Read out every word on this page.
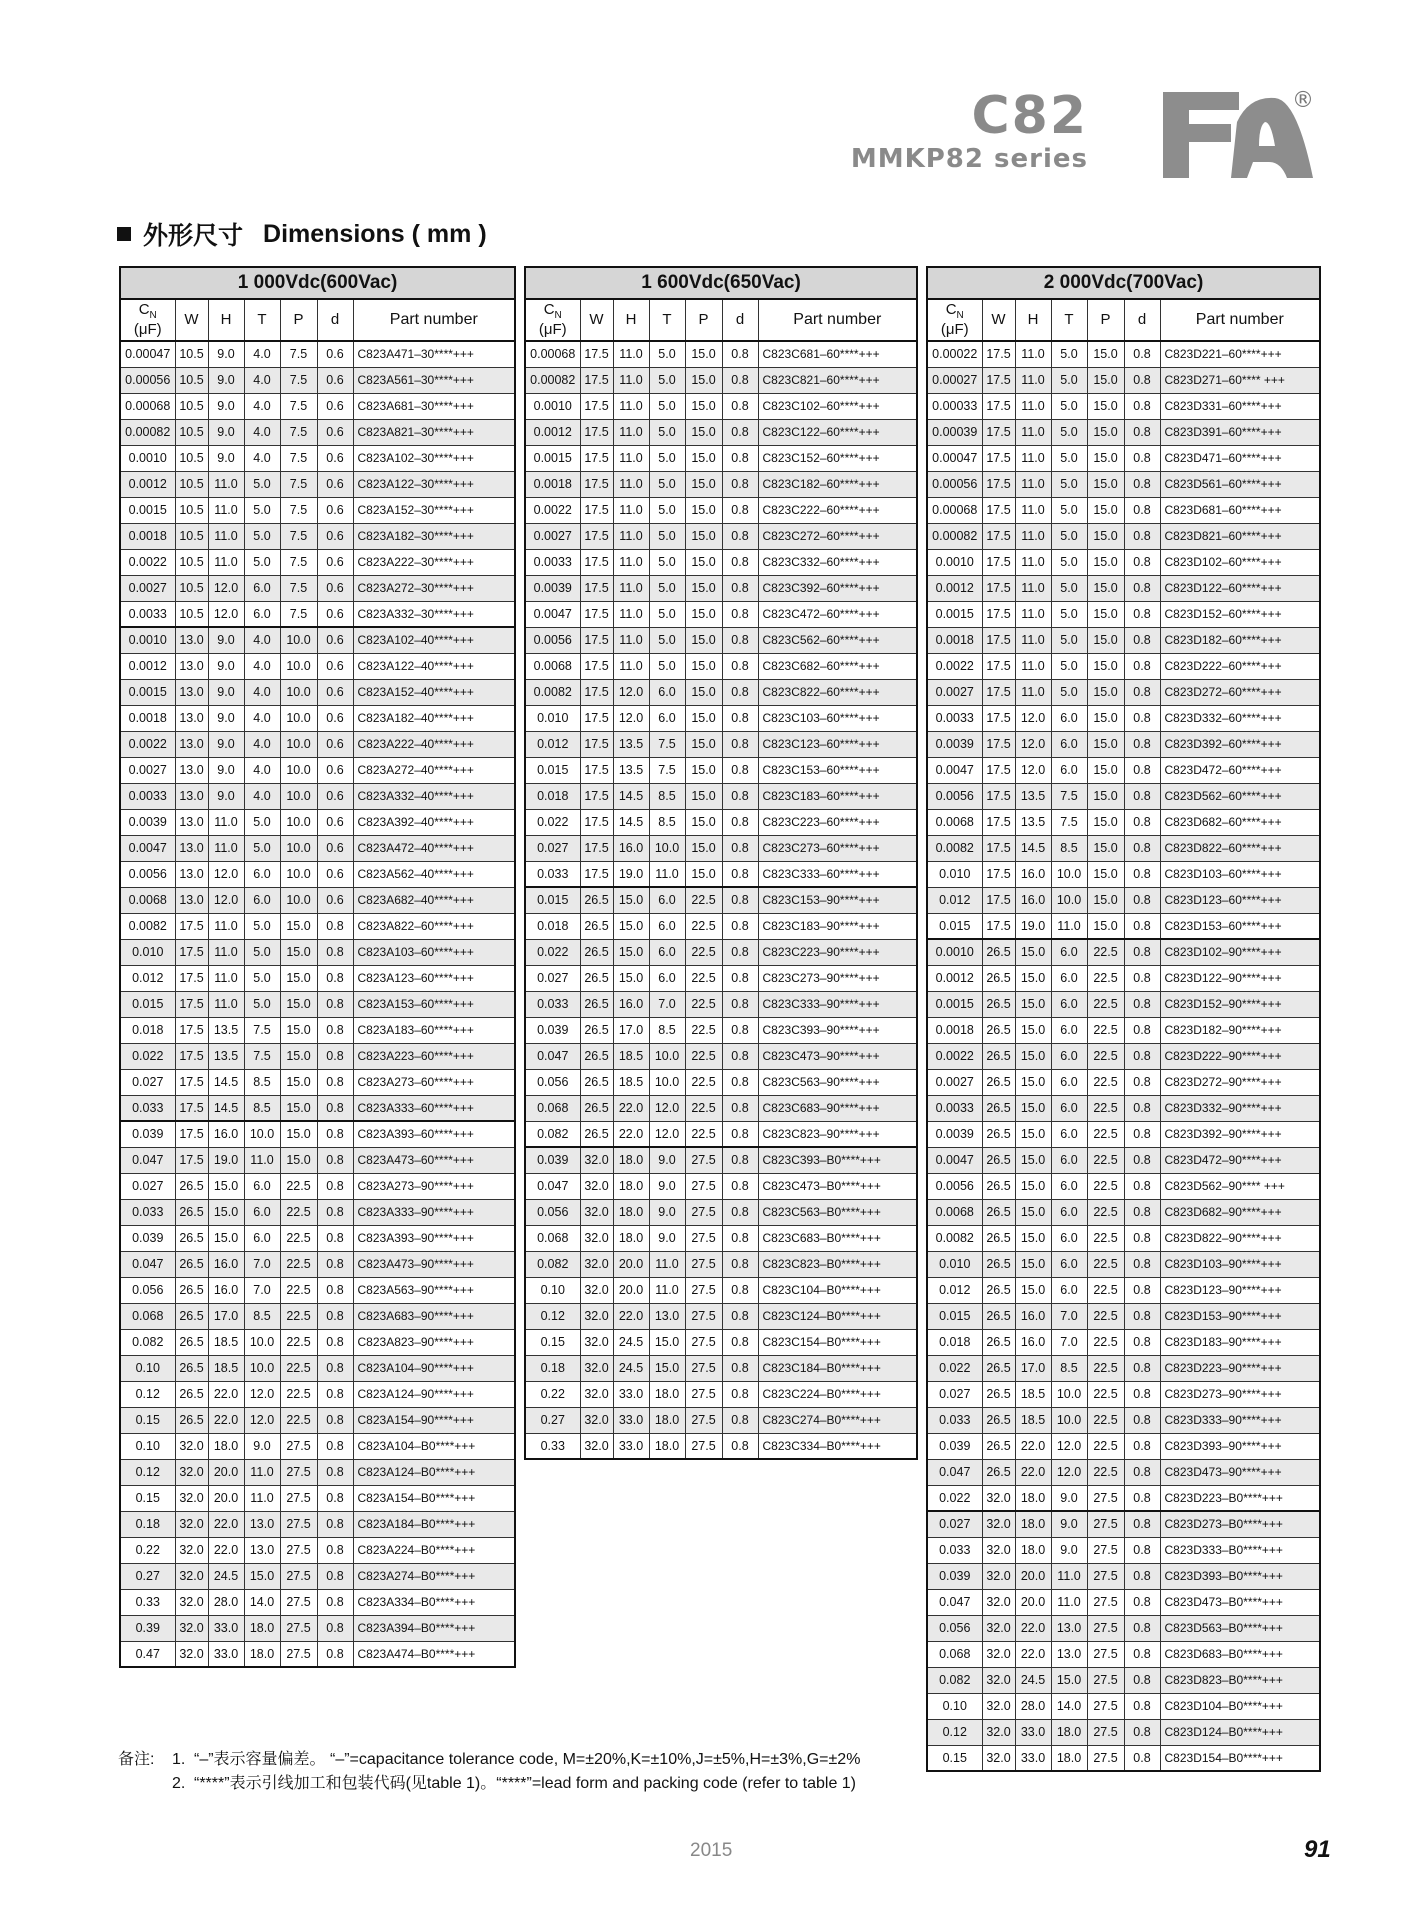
C82
MMKP82 series
®
外形尺寸 Dimensions ( mm )
1 000Vdc(600Vac)						
$C_N$
(μF)	W	H	T	P	d	Part number
0.00047	10.5	9.0	4.0	7.5	0.6	C823A471–30****+++
0.00056	10.5	9.0	4.0	7.5	0.6	C823A561–30****+++
0.00068	10.5	9.0	4.0	7.5	0.6	C823A681–30****+++
0.00082	10.5	9.0	4.0	7.5	0.6	C823A821–30****+++
0.0010	10.5	9.0	4.0	7.5	0.6	C823A102–30****+++
0.0012	10.5	11.0	5.0	7.5	0.6	C823A122–30****+++
0.0015	10.5	11.0	5.0	7.5	0.6	C823A152–30****+++
0.0018	10.5	11.0	5.0	7.5	0.6	C823A182–30****+++
0.0022	10.5	11.0	5.0	7.5	0.6	C823A222–30****+++
0.0027	10.5	12.0	6.0	7.5	0.6	C823A272–30****+++
0.0033	10.5	12.0	6.0	7.5	0.6	C823A332–30****+++
0.0010	13.0	9.0	4.0	10.0	0.6	C823A102–40****+++
0.0012	13.0	9.0	4.0	10.0	0.6	C823A122–40****+++
0.0015	13.0	9.0	4.0	10.0	0.6	C823A152–40****+++
0.0018	13.0	9.0	4.0	10.0	0.6	C823A182–40****+++
0.0022	13.0	9.0	4.0	10.0	0.6	C823A222–40****+++
0.0027	13.0	9.0	4.0	10.0	0.6	C823A272–40****+++
0.0033	13.0	9.0	4.0	10.0	0.6	C823A332–40****+++
0.0039	13.0	11.0	5.0	10.0	0.6	C823A392–40****+++
0.0047	13.0	11.0	5.0	10.0	0.6	C823A472–40****+++
0.0056	13.0	12.0	6.0	10.0	0.6	C823A562–40****+++
0.0068	13.0	12.0	6.0	10.0	0.6	C823A682–40****+++
0.0082	17.5	11.0	5.0	15.0	0.8	C823A822–60****+++
0.010	17.5	11.0	5.0	15.0	0.8	C823A103–60****+++
0.012	17.5	11.0	5.0	15.0	0.8	C823A123–60****+++
0.015	17.5	11.0	5.0	15.0	0.8	C823A153–60****+++
0.018	17.5	13.5	7.5	15.0	0.8	C823A183–60****+++
0.022	17.5	13.5	7.5	15.0	0.8	C823A223–60****+++
0.027	17.5	14.5	8.5	15.0	0.8	C823A273–60****+++
0.033	17.5	14.5	8.5	15.0	0.8	C823A333–60****+++
0.039	17.5	16.0	10.0	15.0	0.8	C823A393–60****+++
0.047	17.5	19.0	11.0	15.0	0.8	C823A473–60****+++
0.027	26.5	15.0	6.0	22.5	0.8	C823A273–90****+++
0.033	26.5	15.0	6.0	22.5	0.8	C823A333–90****+++
0.039	26.5	15.0	6.0	22.5	0.8	C823A393–90****+++
0.047	26.5	16.0	7.0	22.5	0.8	C823A473–90****+++
0.056	26.5	16.0	7.0	22.5	0.8	C823A563–90****+++
0.068	26.5	17.0	8.5	22.5	0.8	C823A683–90****+++
0.082	26.5	18.5	10.0	22.5	0.8	C823A823–90****+++
0.10	26.5	18.5	10.0	22.5	0.8	C823A104–90****+++
0.12	26.5	22.0	12.0	22.5	0.8	C823A124–90****+++
0.15	26.5	22.0	12.0	22.5	0.8	C823A154–90****+++
0.10	32.0	18.0	9.0	27.5	0.8	C823A104–B0****+++
0.12	32.0	20.0	11.0	27.5	0.8	C823A124–B0****+++
0.15	32.0	20.0	11.0	27.5	0.8	C823A154–B0****+++
0.18	32.0	22.0	13.0	27.5	0.8	C823A184–B0****+++
0.22	32.0	22.0	13.0	27.5	0.8	C823A224–B0****+++
0.27	32.0	24.5	15.0	27.5	0.8	C823A274–B0****+++
0.33	32.0	28.0	14.0	27.5	0.8	C823A334–B0****+++
0.39	32.0	33.0	18.0	27.5	0.8	C823A394–B0****+++
0.47	32.0	33.0	18.0	27.5	0.8	C823A474–B0****+++
1 600Vdc(650Vac)						
$C_N$
(μF)	W	H	T	P	d	Part number
0.00068	17.5	11.0	5.0	15.0	0.8	C823C681–60****+++
0.00082	17.5	11.0	5.0	15.0	0.8	C823C821–60****+++
0.0010	17.5	11.0	5.0	15.0	0.8	C823C102–60****+++
0.0012	17.5	11.0	5.0	15.0	0.8	C823C122–60****+++
0.0015	17.5	11.0	5.0	15.0	0.8	C823C152–60****+++
0.0018	17.5	11.0	5.0	15.0	0.8	C823C182–60****+++
0.0022	17.5	11.0	5.0	15.0	0.8	C823C222–60****+++
0.0027	17.5	11.0	5.0	15.0	0.8	C823C272–60****+++
0.0033	17.5	11.0	5.0	15.0	0.8	C823C332–60****+++
0.0039	17.5	11.0	5.0	15.0	0.8	C823C392–60****+++
0.0047	17.5	11.0	5.0	15.0	0.8	C823C472–60****+++
0.0056	17.5	11.0	5.0	15.0	0.8	C823C562–60****+++
0.0068	17.5	11.0	5.0	15.0	0.8	C823C682–60****+++
0.0082	17.5	12.0	6.0	15.0	0.8	C823C822–60****+++
0.010	17.5	12.0	6.0	15.0	0.8	C823C103–60****+++
0.012	17.5	13.5	7.5	15.0	0.8	C823C123–60****+++
0.015	17.5	13.5	7.5	15.0	0.8	C823C153–60****+++
0.018	17.5	14.5	8.5	15.0	0.8	C823C183–60****+++
0.022	17.5	14.5	8.5	15.0	0.8	C823C223–60****+++
0.027	17.5	16.0	10.0	15.0	0.8	C823C273–60****+++
0.033	17.5	19.0	11.0	15.0	0.8	C823C333–60****+++
0.015	26.5	15.0	6.0	22.5	0.8	C823C153–90****+++
0.018	26.5	15.0	6.0	22.5	0.8	C823C183–90****+++
0.022	26.5	15.0	6.0	22.5	0.8	C823C223–90****+++
0.027	26.5	15.0	6.0	22.5	0.8	C823C273–90****+++
0.033	26.5	16.0	7.0	22.5	0.8	C823C333–90****+++
0.039	26.5	17.0	8.5	22.5	0.8	C823C393–90****+++
0.047	26.5	18.5	10.0	22.5	0.8	C823C473–90****+++
0.056	26.5	18.5	10.0	22.5	0.8	C823C563–90****+++
0.068	26.5	22.0	12.0	22.5	0.8	C823C683–90****+++
0.082	26.5	22.0	12.0	22.5	0.8	C823C823–90****+++
0.039	32.0	18.0	9.0	27.5	0.8	C823C393–B0****+++
0.047	32.0	18.0	9.0	27.5	0.8	C823C473–B0****+++
0.056	32.0	18.0	9.0	27.5	0.8	C823C563–B0****+++
0.068	32.0	18.0	9.0	27.5	0.8	C823C683–B0****+++
0.082	32.0	20.0	11.0	27.5	0.8	C823C823–B0****+++
0.10	32.0	20.0	11.0	27.5	0.8	C823C104–B0****+++
0.12	32.0	22.0	13.0	27.5	0.8	C823C124–B0****+++
0.15	32.0	24.5	15.0	27.5	0.8	C823C154–B0****+++
0.18	32.0	24.5	15.0	27.5	0.8	C823C184–B0****+++
0.22	32.0	33.0	18.0	27.5	0.8	C823C224–B0****+++
0.27	32.0	33.0	18.0	27.5	0.8	C823C274–B0****+++
0.33	32.0	33.0	18.0	27.5	0.8	C823C334–B0****+++
2 000Vdc(700Vac)						
$C_N$
(μF)	W	H	T	P	d	Part number
0.00022	17.5	11.0	5.0	15.0	0.8	C823D221–60****+++
0.00027	17.5	11.0	5.0	15.0	0.8	C823D271–60**** +++
0.00033	17.5	11.0	5.0	15.0	0.8	C823D331–60****+++
0.00039	17.5	11.0	5.0	15.0	0.8	C823D391–60****+++
0.00047	17.5	11.0	5.0	15.0	0.8	C823D471–60****+++
0.00056	17.5	11.0	5.0	15.0	0.8	C823D561–60****+++
0.00068	17.5	11.0	5.0	15.0	0.8	C823D681–60****+++
0.00082	17.5	11.0	5.0	15.0	0.8	C823D821–60****+++
0.0010	17.5	11.0	5.0	15.0	0.8	C823D102–60****+++
0.0012	17.5	11.0	5.0	15.0	0.8	C823D122–60****+++
0.0015	17.5	11.0	5.0	15.0	0.8	C823D152–60****+++
0.0018	17.5	11.0	5.0	15.0	0.8	C823D182–60****+++
0.0022	17.5	11.0	5.0	15.0	0.8	C823D222–60****+++
0.0027	17.5	11.0	5.0	15.0	0.8	C823D272–60****+++
0.0033	17.5	12.0	6.0	15.0	0.8	C823D332–60****+++
0.0039	17.5	12.0	6.0	15.0	0.8	C823D392–60****+++
0.0047	17.5	12.0	6.0	15.0	0.8	C823D472–60****+++
0.0056	17.5	13.5	7.5	15.0	0.8	C823D562–60****+++
0.0068	17.5	13.5	7.5	15.0	0.8	C823D682–60****+++
0.0082	17.5	14.5	8.5	15.0	0.8	C823D822–60****+++
0.010	17.5	16.0	10.0	15.0	0.8	C823D103–60****+++
0.012	17.5	16.0	10.0	15.0	0.8	C823D123–60****+++
0.015	17.5	19.0	11.0	15.0	0.8	C823D153–60****+++
0.0010	26.5	15.0	6.0	22.5	0.8	C823D102–90****+++
0.0012	26.5	15.0	6.0	22.5	0.8	C823D122–90****+++
0.0015	26.5	15.0	6.0	22.5	0.8	C823D152–90****+++
0.0018	26.5	15.0	6.0	22.5	0.8	C823D182–90****+++
0.0022	26.5	15.0	6.0	22.5	0.8	C823D222–90****+++
0.0027	26.5	15.0	6.0	22.5	0.8	C823D272–90****+++
0.0033	26.5	15.0	6.0	22.5	0.8	C823D332–90****+++
0.0039	26.5	15.0	6.0	22.5	0.8	C823D392–90****+++
0.0047	26.5	15.0	6.0	22.5	0.8	C823D472–90****+++
0.0056	26.5	15.0	6.0	22.5	0.8	C823D562–90**** +++
0.0068	26.5	15.0	6.0	22.5	0.8	C823D682–90****+++
0.0082	26.5	15.0	6.0	22.5	0.8	C823D822–90****+++
0.010	26.5	15.0	6.0	22.5	0.8	C823D103–90****+++
0.012	26.5	15.0	6.0	22.5	0.8	C823D123–90****+++
0.015	26.5	16.0	7.0	22.5	0.8	C823D153–90****+++
0.018	26.5	16.0	7.0	22.5	0.8	C823D183–90****+++
0.022	26.5	17.0	8.5	22.5	0.8	C823D223–90****+++
0.027	26.5	18.5	10.0	22.5	0.8	C823D273–90****+++
0.033	26.5	18.5	10.0	22.5	0.8	C823D333–90****+++
0.039	26.5	22.0	12.0	22.5	0.8	C823D393–90****+++
0.047	26.5	22.0	12.0	22.5	0.8	C823D473–90****+++
0.022	32.0	18.0	9.0	27.5	0.8	C823D223–B0****+++
0.027	32.0	18.0	9.0	27.5	0.8	C823D273–B0****+++
0.033	32.0	18.0	9.0	27.5	0.8	C823D333–B0****+++
0.039	32.0	20.0	11.0	27.5	0.8	C823D393–B0****+++
0.047	32.0	20.0	11.0	27.5	0.8	C823D473–B0****+++
0.056	32.0	22.0	13.0	27.5	0.8	C823D563–B0****+++
0.068	32.0	22.0	13.0	27.5	0.8	C823D683–B0****+++
0.082	32.0	24.5	15.0	27.5	0.8	C823D823–B0****+++
0.10	32.0	28.0	14.0	27.5	0.8	C823D104–B0****+++
0.12	32.0	33.0	18.0	27.5	0.8	C823D124–B0****+++
0.15	32.0	33.0	18.0	27.5	0.8	C823D154–B0****+++
备注:	1. “–”表示容量偏差。 “–”=capacitance tolerance code, M=±20%,K=±10%,J=±5%,H=±3%,G=±2%
2. “****”表示引线加工和包装代码(见table 1)。“****”=lead form and packing code (refer to table 1)
2015	91
